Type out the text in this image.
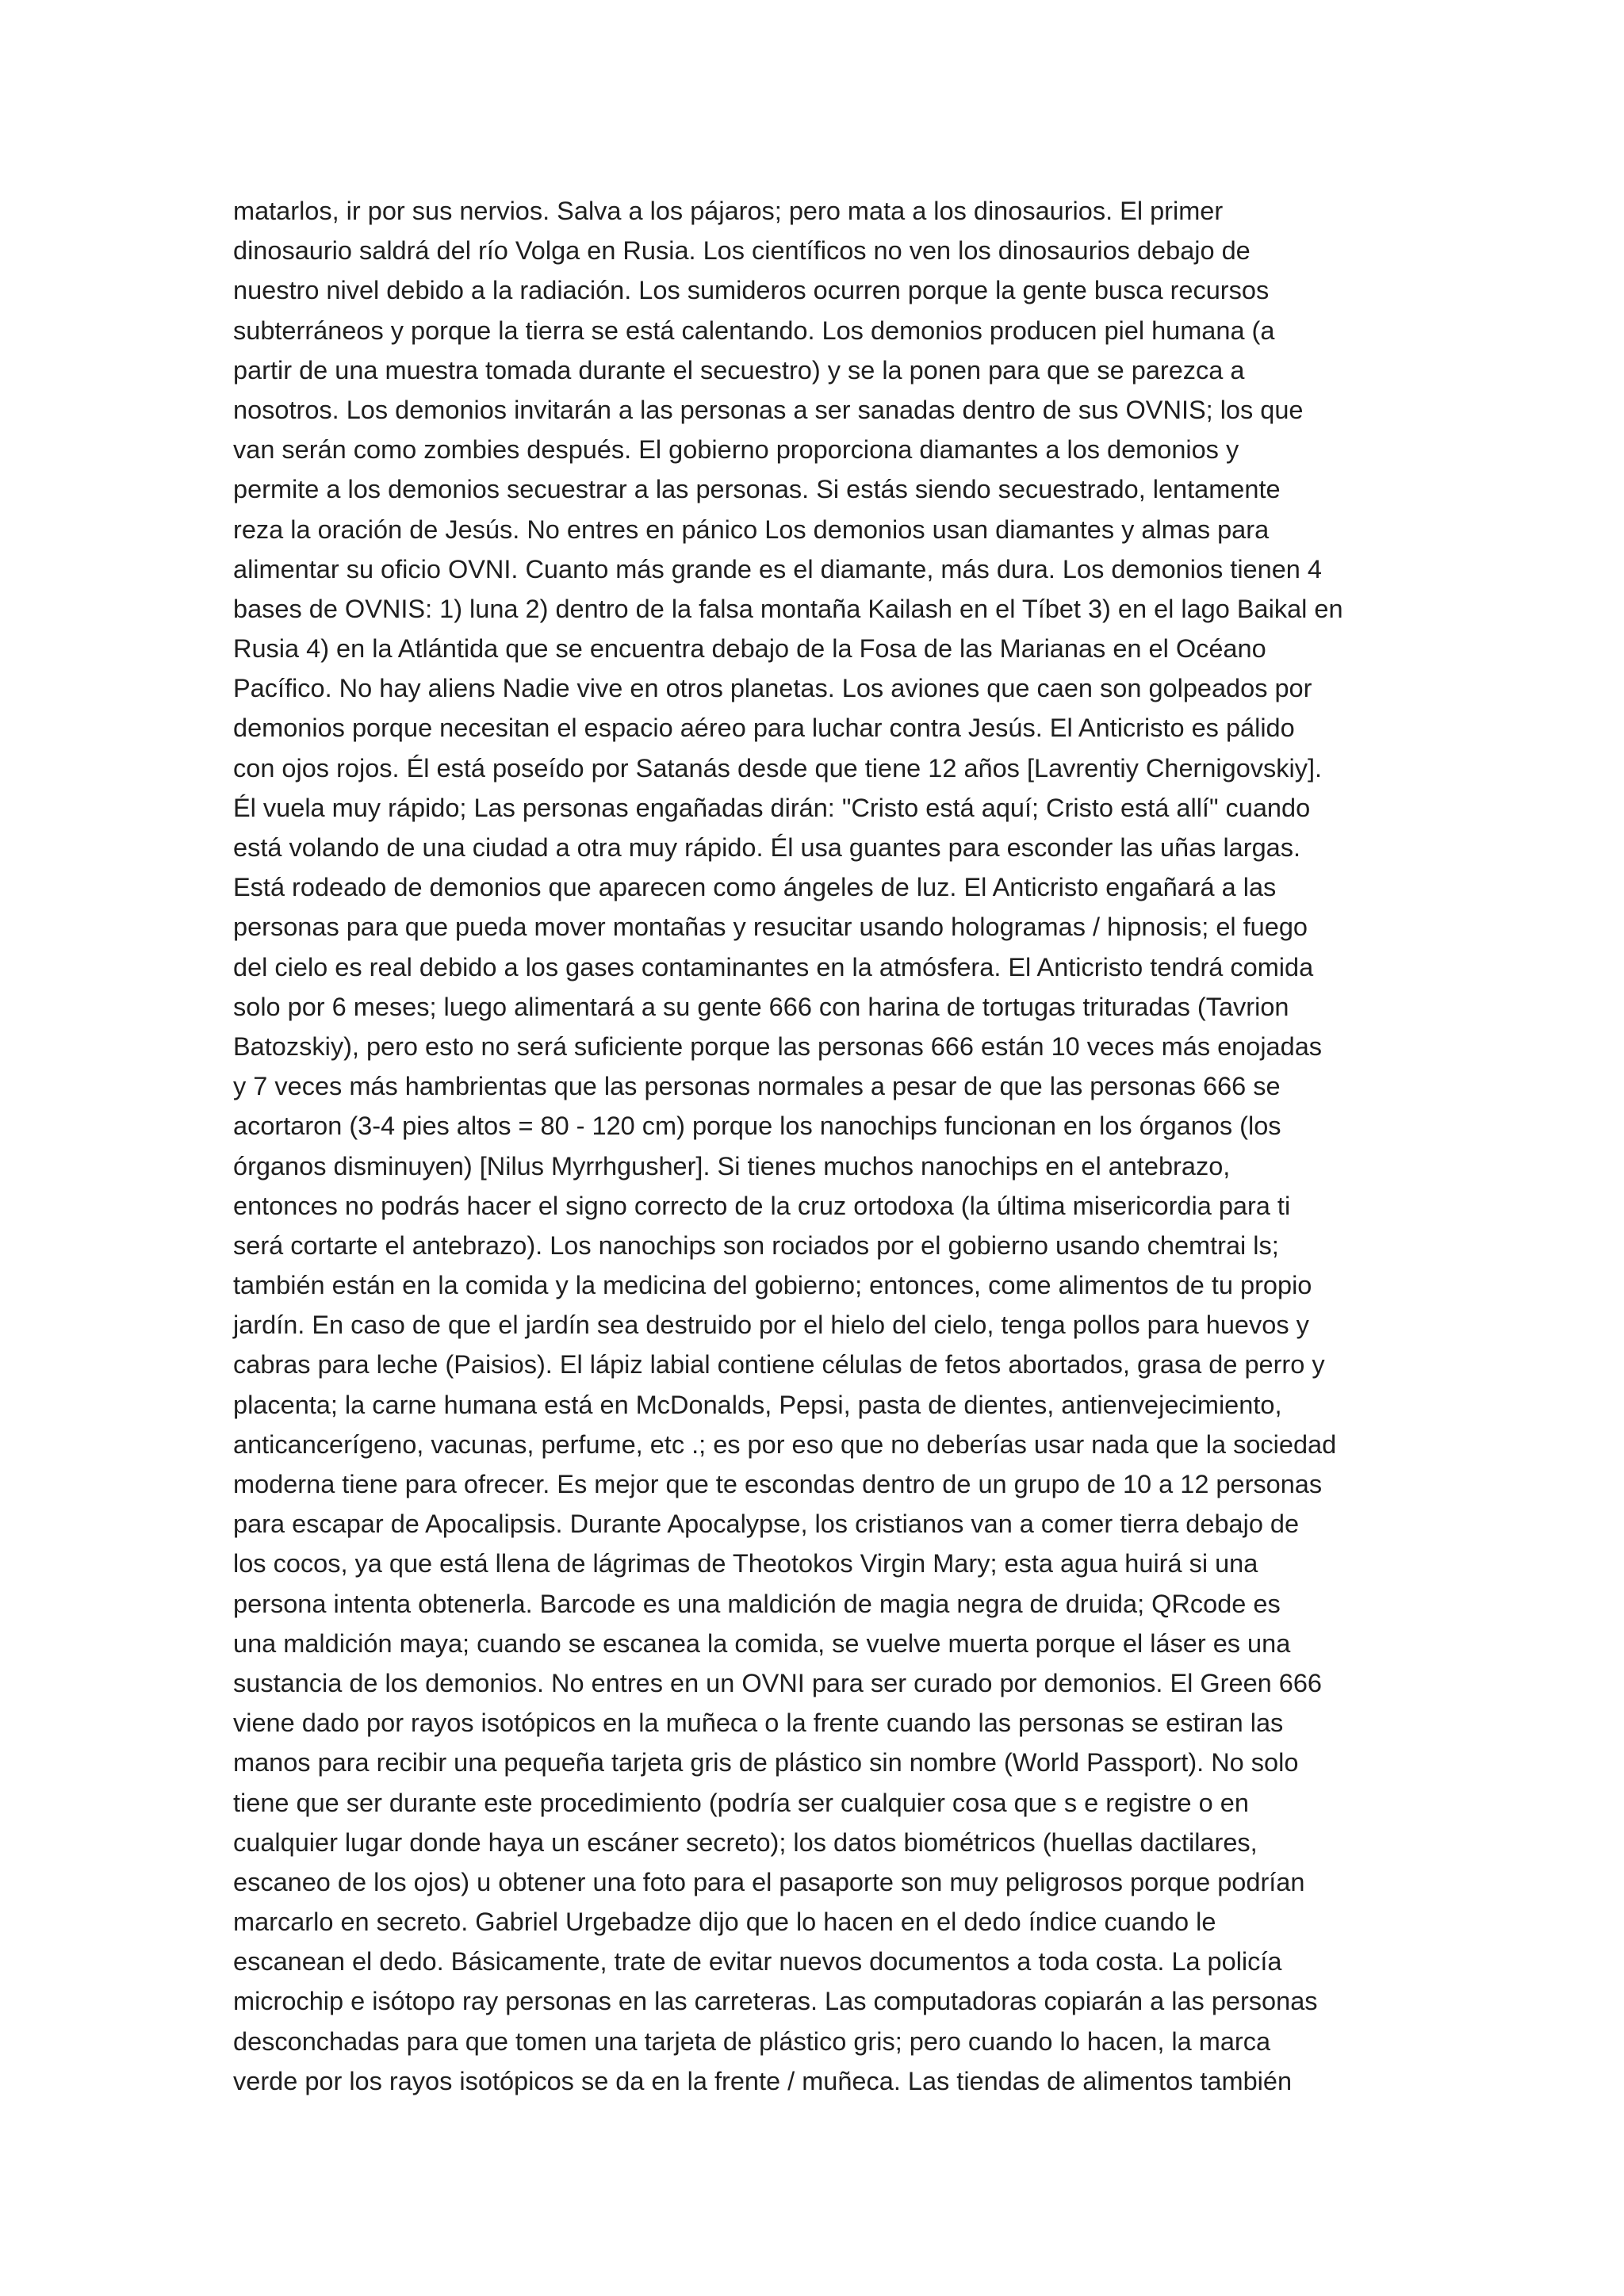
matarlos, ir por sus nervios. Salva a los pájaros; pero mata a los dinosaurios. El primer
dinosaurio saldrá del río Volga en Rusia. Los científicos no ven los dinosaurios debajo de
nuestro nivel debido a la radiación. Los sumideros ocurren porque la gente busca recursos
subterráneos y porque la tierra se está calentando. Los demonios producen piel humana (a
partir de una muestra tomada durante el secuestro) y se la ponen para que se parezca a
nosotros. Los demonios invitarán a las personas a ser sanadas dentro de sus OVNIS; los que
van serán como zombies después. El gobierno proporciona diamantes a los demonios y
permite a los demonios secuestrar a las personas. Si estás siendo secuestrado, lentamente
reza la oración de Jesús. No entres en pánico Los demonios usan diamantes y almas para
alimentar su oficio OVNI. Cuanto más grande es el diamante, más dura. Los demonios tienen 4
bases de OVNIS: 1) luna 2) dentro de la falsa montaña Kailash en el Tíbet 3) en el lago Baikal en
Rusia 4) en la Atlántida que se encuentra debajo de la Fosa de las Marianas en el Océano
Pacífico. No hay aliens Nadie vive en otros planetas. Los aviones que caen son golpeados por
demonios porque necesitan el espacio aéreo para luchar contra Jesús. El Anticristo es pálido
con ojos rojos. Él está poseído por Satanás desde que tiene 12 años [Lavrentiy Chernigovskiy].
Él vuela muy rápido; Las personas engañadas dirán: "Cristo está aquí; Cristo está allí" cuando
está volando de una ciudad a otra muy rápido. Él usa guantes para esconder las uñas largas.
Está rodeado de demonios que aparecen como ángeles de luz. El Anticristo engañará a las
personas para que pueda mover montañas y resucitar usando hologramas / hipnosis; el fuego
del cielo es real debido a los gases contaminantes en la atmósfera. El Anticristo tendrá comida
solo por 6 meses; luego alimentará a su gente 666 con harina de tortugas trituradas (Tavrion
Batozskiy), pero esto no será suficiente porque las personas 666 están 10 veces más enojadas
y 7 veces más hambrientas que las personas normales a pesar de que las personas 666 se
acortaron (3-4 pies altos = 80 - 120 cm) porque los nanochips funcionan en los órganos (los
órganos disminuyen) [Nilus Myrrhgusher]. Si tienes muchos nanochips en el antebrazo,
entonces no podrás hacer el signo correcto de la cruz ortodoxa (la última misericordia para ti
será cortarte el antebrazo). Los nanochips son rociados por el gobierno usando chemtrai ls;
también están en la comida y la medicina del gobierno; entonces, come alimentos de tu propio
jardín. En caso de que el jardín sea destruido por el hielo del cielo, tenga pollos para huevos y
cabras para leche (Paisios). El lápiz labial contiene células de fetos abortados, grasa de perro y
placenta; la carne humana está en McDonalds, Pepsi, pasta de dientes, antienvejecimiento,
anticancerígeno, vacunas, perfume, etc .; es por eso que no deberías usar nada que la sociedad
moderna tiene para ofrecer. Es mejor que te escondas dentro de un grupo de 10 a 12 personas
para escapar de Apocalipsis. Durante Apocalypse, los cristianos van a comer tierra debajo de
los cocos, ya que está llena de lágrimas de Theotokos Virgin Mary; esta agua huirá si una
persona intenta obtenerla. Barcode es una maldición de magia negra de druida; QRcode es
una maldición maya; cuando se escanea la comida, se vuelve muerta porque el láser es una
sustancia de los demonios. No entres en un OVNI para ser curado por demonios. El Green 666
viene dado por rayos isotópicos en la muñeca o la frente cuando las personas se estiran las
manos para recibir una pequeña tarjeta gris de plástico sin nombre (World Passport). No solo
tiene que ser durante este procedimiento (podría ser cualquier cosa que s e registre o en
cualquier lugar donde haya un escáner secreto); los datos biométricos (huellas dactilares,
escaneo de los ojos) u obtener una foto para el pasaporte son muy peligrosos porque podrían
marcarlo en secreto. Gabriel Urgebadze dijo que lo hacen en el dedo índice cuando le
escanean el dedo. Básicamente, trate de evitar nuevos documentos a toda costa. La policía
microchip e isótopo ray personas en las carreteras. Las computadoras copiarán a las personas
desconchadas para que tomen una tarjeta de plástico gris; pero cuando lo hacen, la marca
verde por los rayos isotópicos se da en la frente / muñeca. Las tiendas de alimentos también
